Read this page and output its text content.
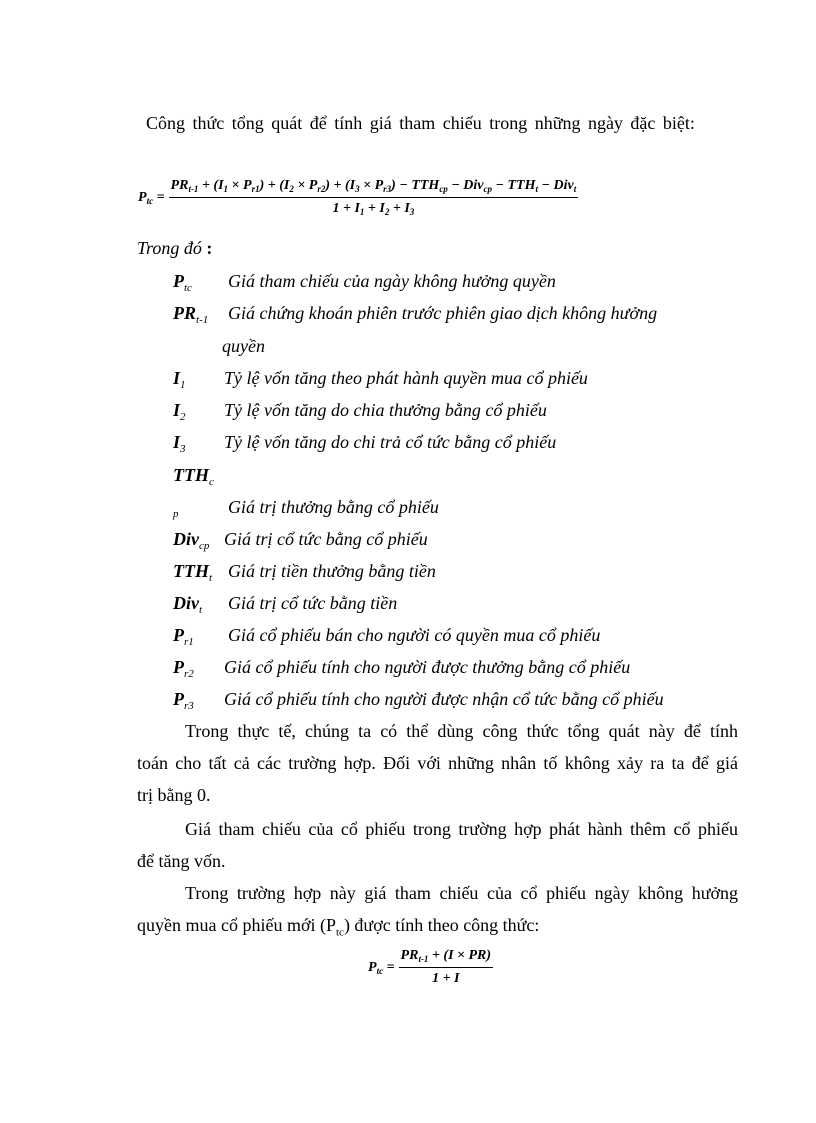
Công thức tổng quát để tính giá tham chiếu trong những ngày đặc biệt:
$P_{tc}$ =
$PR_{t-1} + (I_1 \times P_{r1}) + (I_2 \times P_{r2}) + (I_3 \times P_{r3}) - TTH_{cp} - Div_{cp} - TTH_t - Div_t$
$1 + I_1 + I_2 + I_3$
Trong đó :
$P_{tc}$ Giá tham chiếu của ngày không hưởng quyền
$PR_{t-1}$ Giá chứng khoán phiên trước phiên giao dịch không hưởng
quyền
$I_1$ Tỷ lệ vốn tăng theo phát hành quyền mua cổ phiếu
$I_2$ Tỷ lệ vốn tăng do chia thưởng bằng cổ phiếu
$I_3$ Tỷ lệ vốn tăng do chi trả cổ tức bằng cổ phiếu
$TTH_c$
$_p$	Giá trị thưởng bằng cổ phiếu
Div$_{cp}$ Giá trị cổ tức bằng cổ phiếu
$TTH_t$ Giá trị tiền thưởng bằng tiền
Div$_t$ Giá trị cổ tức bằng tiền
$P_{r1}$ Giá cổ phiếu bán cho người có quyền mua cổ phiếu
$P_{r2}$ Giá cổ phiếu tính cho người được thưởng bằng cổ phiếu
$P_{r3}$ Giá cổ phiếu tính cho người được nhận cổ tức bằng cổ phiếu
Trong thực tế, chúng ta có thể dùng công thức tổng quát này để tính
toán cho tất cả các trường hợp. Đối với những nhân tố không xảy ra ta để giá
trị bằng 0.
Giá tham chiếu của cổ phiếu trong trường hợp phát hành thêm cổ phiếu
để tăng vốn.
Trong trường hợp này giá tham chiếu của cổ phiếu ngày không hưởng
quyền mua cổ phiếu mới $(P_{tc})$ được tính theo công thức:
$P_{tc} = \frac{PR_{t-1} + (I \times PR)}{1 + I}$
